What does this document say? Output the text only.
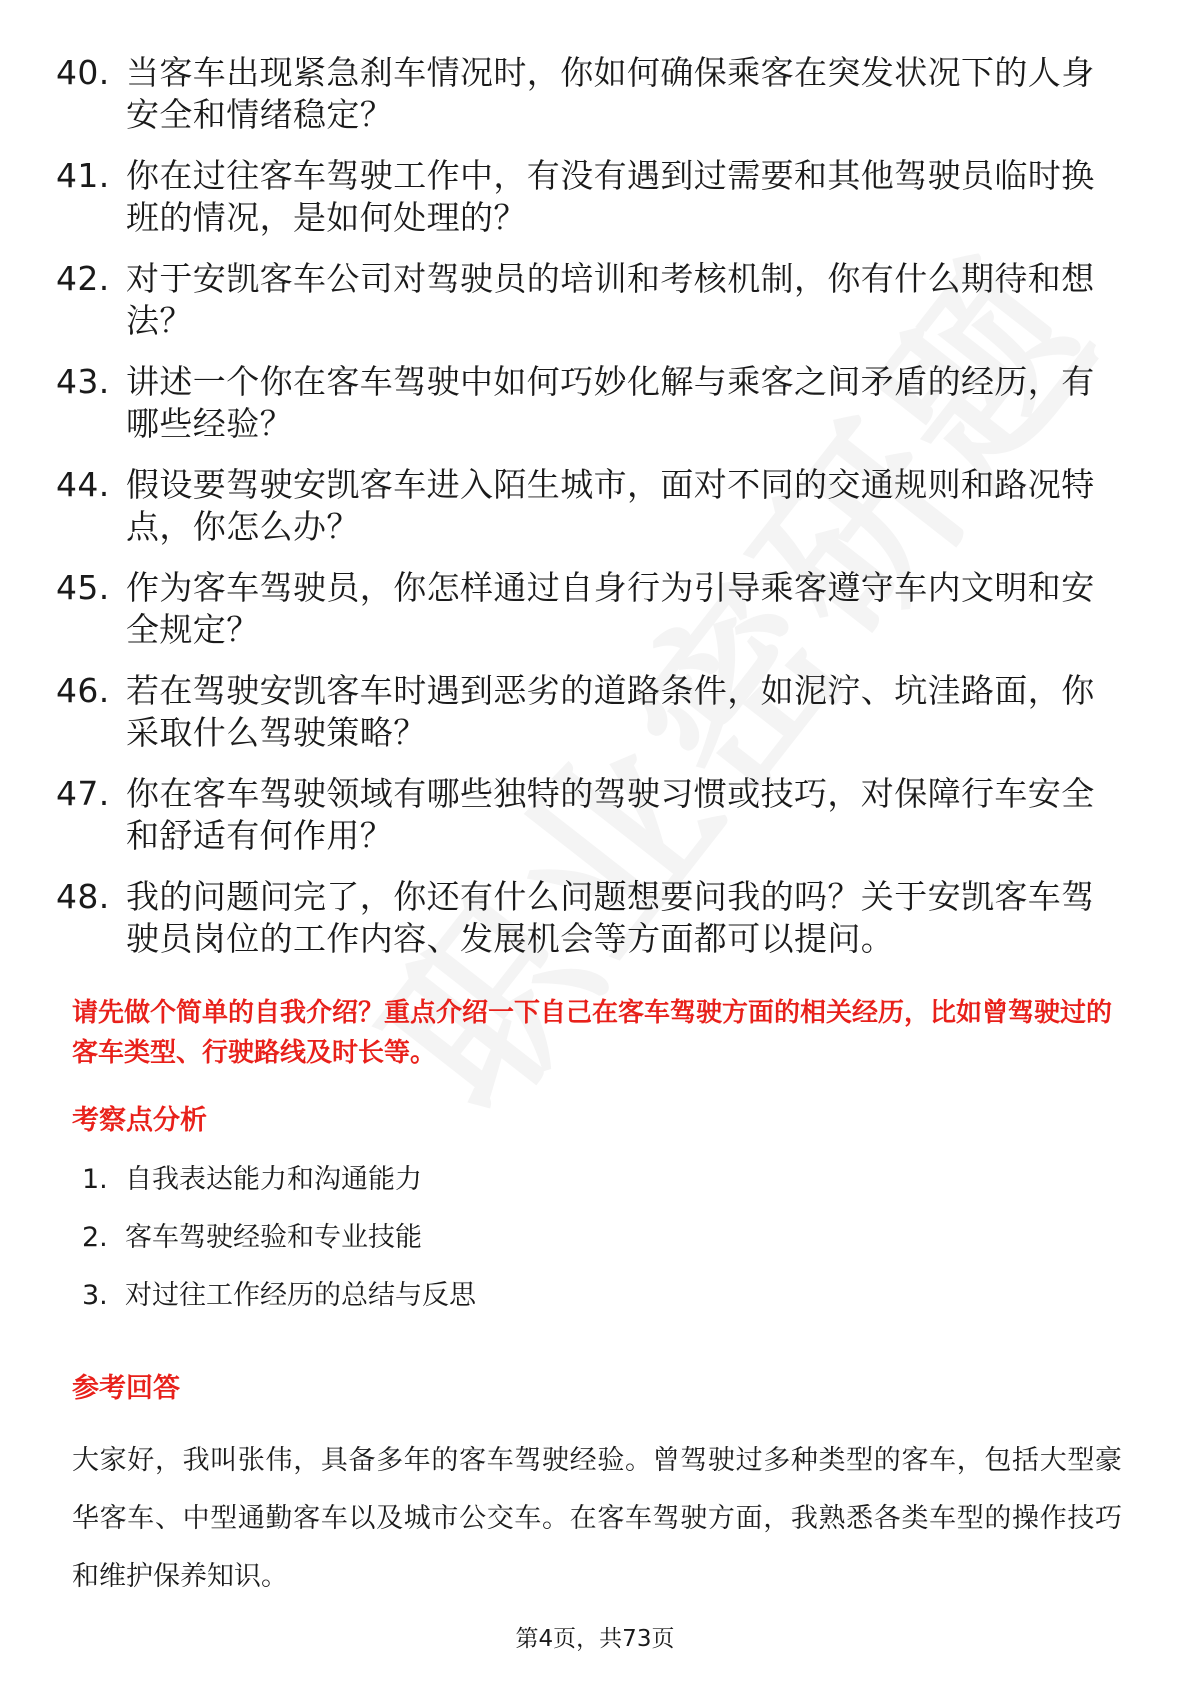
40. 当客车出现紧急刹车情况时，你如何确保乘客在突发状况下的人身安全和情绪稳定？
41. 你在过往客车驾驶工作中，有没有遇到过需要和其他驾驶员临时换班的情况，是如何处理的？
42. 对于安凯客车公司对驾驶员的培训和考核机制，你有什么期待和想法？
43. 讲述一个你在客车驾驶中如何巧妙化解与乘客之间矛盾的经历，有哪些经验？
44. 假设要驾驶安凯客车进入陌生城市，面对不同的交通规则和路况特点，你怎么办？
45. 作为客车驾驶员，你怎样通过自身行为引导乘客遵守车内文明和安全规定？
46. 若在驾驶安凯客车时遇到恶劣的道路条件，如泥泞、坑洼路面，你采取什么驾驶策略？
47. 你在客车驾驶领域有哪些独特的驾驶习惯或技巧，对保障行车安全和舒适有何作用？
48. 我的问题问完了，你还有什么问题想要问我的吗？关于安凯客车驾驶员岗位的工作内容、发展机会等方面都可以提问。
请先做个简单的自我介绍？重点介绍一下自己在客车驾驶方面的相关经历，比如曾驾驶过的客车类型、行驶路线及时长等。
考察点分析
1. 自我表达能力和沟通能力
2. 客车驾驶经验和专业技能
3. 对过往工作经历的总结与反思
参考回答
大家好，我叫张伟，具备多年的客车驾驶经验。曾驾驶过多种类型的客车，包括大型豪华客车、中型通勤客车以及城市公交车。在客车驾驶方面，我熟悉各类车型的操作技巧和维护保养知识。
第4页，共73页
